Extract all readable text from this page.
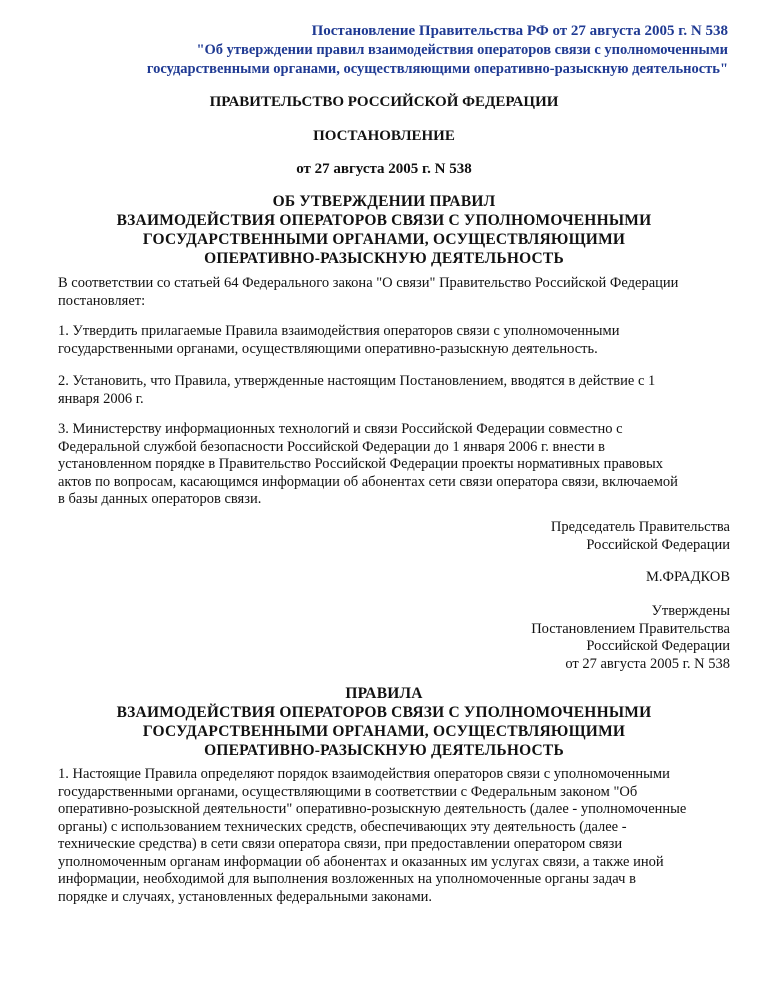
Постановление Правительства РФ от 27 августа 2005 г. N 538
"Об утверждении правил взаимодействия операторов связи с уполномоченными
государственными органами, осуществляющими оперативно-разыскную деятельность"
ПРАВИТЕЛЬСТВО РОССИЙСКОЙ ФЕДЕРАЦИИ
ПОСТАНОВЛЕНИЕ
от 27 августа 2005 г. N 538
ОБ УТВЕРЖДЕНИИ ПРАВИЛ
ВЗАИМОДЕЙСТВИЯ ОПЕРАТОРОВ СВЯЗИ С УПОЛНОМОЧЕННЫМИ
ГОСУДАРСТВЕННЫМИ ОРГАНАМИ, ОСУЩЕСТВЛЯЮЩИМИ
ОПЕРАТИВНО-РАЗЫСКНУЮ ДЕЯТЕЛЬНОСТЬ
В соответствии со статьей 64 Федерального закона "О связи" Правительство Российской Федерации
постановляет:
1. Утвердить прилагаемые Правила взаимодействия операторов связи с уполномоченными
государственными органами, осуществляющими оперативно-разыскную деятельность.
2. Установить, что Правила, утвержденные настоящим Постановлением, вводятся в действие с 1
января 2006 г.
3. Министерству информационных технологий и связи Российской Федерации совместно с
Федеральной службой безопасности Российской Федерации до 1 января 2006 г. внести в
установленном порядке в Правительство Российской Федерации проекты нормативных правовых
актов по вопросам, касающимся информации об абонентах сети связи оператора связи, включаемой
в базы данных операторов связи.
Председатель Правительства
Российской Федерации
М.ФРАДКОВ
Утверждены
Постановлением Правительства
Российской Федерации
от 27 августа 2005 г. N 538
ПРАВИЛА
ВЗАИМОДЕЙСТВИЯ ОПЕРАТОРОВ СВЯЗИ С УПОЛНОМОЧЕННЫМИ
ГОСУДАРСТВЕННЫМИ ОРГАНАМИ, ОСУЩЕСТВЛЯЮЩИМИ
ОПЕРАТИВНО-РАЗЫСКНУЮ ДЕЯТЕЛЬНОСТЬ
1. Настоящие Правила определяют порядок взаимодействия операторов связи с уполномоченными
государственными органами, осуществляющими в соответствии с Федеральным законом "Об
оперативно-розыскной деятельности" оперативно-розыскную деятельность (далее - уполномоченные
органы) с использованием технических средств, обеспечивающих эту деятельность (далее -
технические средства) в сети связи оператора связи, при предоставлении оператором связи
уполномоченным органам информации об абонентах и оказанных им услугах связи, а также иной
информации, необходимой для выполнения возложенных на уполномоченные органы задач в
порядке и случаях, установленных федеральными законами.
